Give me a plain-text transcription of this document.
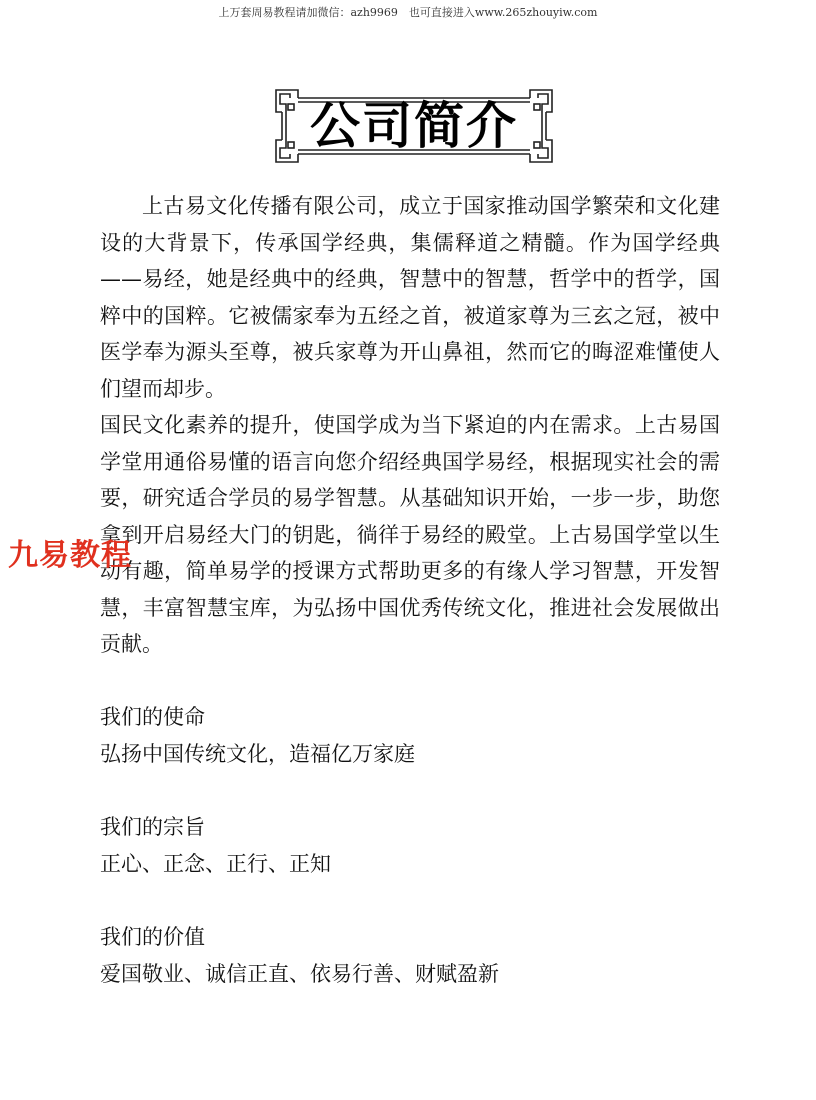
上万套周易教程请加微信：azh9969　也可直接进入www.265zhouyiw.com
公司简介

上古易文化传播有限公司，成立于国家推动国学繁荣和文化建设的大背景下，传承国学经典，集儒释道之精髓。作为国学经典——易经，她是经典中的经典，智慧中的智慧，哲学中的哲学，国粹中的国粹。它被儒家奉为五经之首，被道家尊为三玄之冠，被中医学奉为源头至尊，被兵家尊为开山鼻祖，然而它的晦涩难懂使人们望而却步。

国民文化素养的提升，使国学成为当下紧迫的内在需求。上古易国学堂用通俗易懂的语言向您介绍经典国学易经，根据现实社会的需要，研究适合学员的易学智慧。从基础知识开始，一步一步，助您拿到开启易经大门的钥匙，徜徉于易经的殿堂。上古易国学堂以生动有趣，简单易学的授课方式帮助更多的有缘人学习智慧，开发智慧，丰富智慧宝库，为弘扬中国优秀传统文化，推进社会发展做出贡献。

我们的使命
弘扬中国传统文化，造福亿万家庭
我们的宗旨
正心、正念、正行、正知
我们的价值
爱国敬业、诚信正直、依易行善、财赋盈新
九易教程
